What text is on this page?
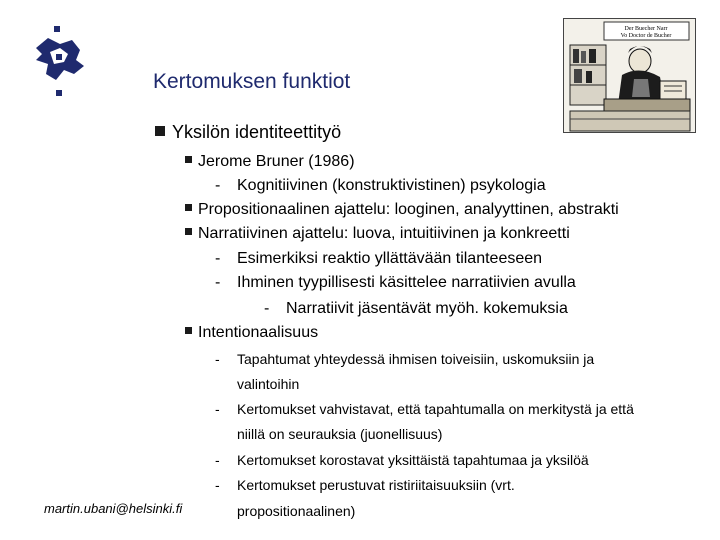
Kertomuksen funktiot
Der Buecher Narr
Vo Doctor de Bucher
Yksilön identiteettityö
Jerome Bruner (1986)
- Kognitiivinen (konstruktivistinen) psykologia
Propositionaalinen ajattelu: looginen, analyyttinen, abstrakti
Narratiivinen ajattelu: luova, intuitiivinen ja konkreetti
- Esimerkiksi reaktio yllättävään tilanteeseen
- Ihminen tyypillisesti käsittelee narratiivien avulla
- Narratiivit jäsentävät myöh. kokemuksia
Intentionaalisuus
- Tapahtumat yhteydessä ihmisen toiveisiin, uskomuksiin ja
valintoihin
- Kertomukset vahvistavat, että tapahtumalla on merkitystä ja että
niillä on seurauksia (juonellisuus)
- Kertomukset korostavat yksittäistä tapahtumaa ja yksilöä
- Kertomukset perustuvat ristiriitaisuuksiin (vrt.
propositionaalinen)
martin.ubani@helsinki.fi
